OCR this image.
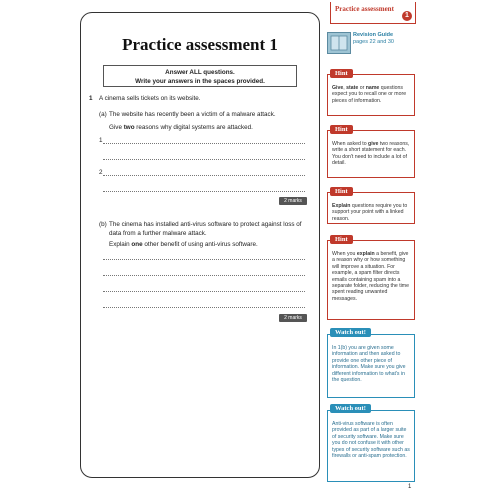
Practice assessment
1
Practice assessment 1
Answer ALL questions.
Write your answers in the spaces provided.
1 A cinema sells tickets on its website.
(a) The website has recently been a victim of a malware attack.
Give two reasons why digital systems are attacked.
1
2
2 marks
(b) The cinema has installed anti-virus software to protect against loss of data from a further malware attack.
Explain one other benefit of using anti-virus software.
2 marks
Revision Guide
pages 22 and 30
Hint
Give, state or name questions expect you to recall one or more pieces of information.
Hint
When asked to give two reasons, write a short statement for each. You don't need to include a lot of detail.
Hint
Explain questions require you to support your point with a linked reason.
Hint
When you explain a benefit, give a reason why or how something will improve a situation. For example, a spam filter directs emails containing spam into a separate folder, reducing the time spent reading unwanted messages.
Watch out!
In 1(b) you are given some information and then asked to provide one other piece of information. Make sure you give different information to what's in the question.
Watch out!
Anti-virus software is often provided as part of a larger suite of security software. Make sure you do not confuse it with other types of security software such as firewalls or anti-spam protection.
1
